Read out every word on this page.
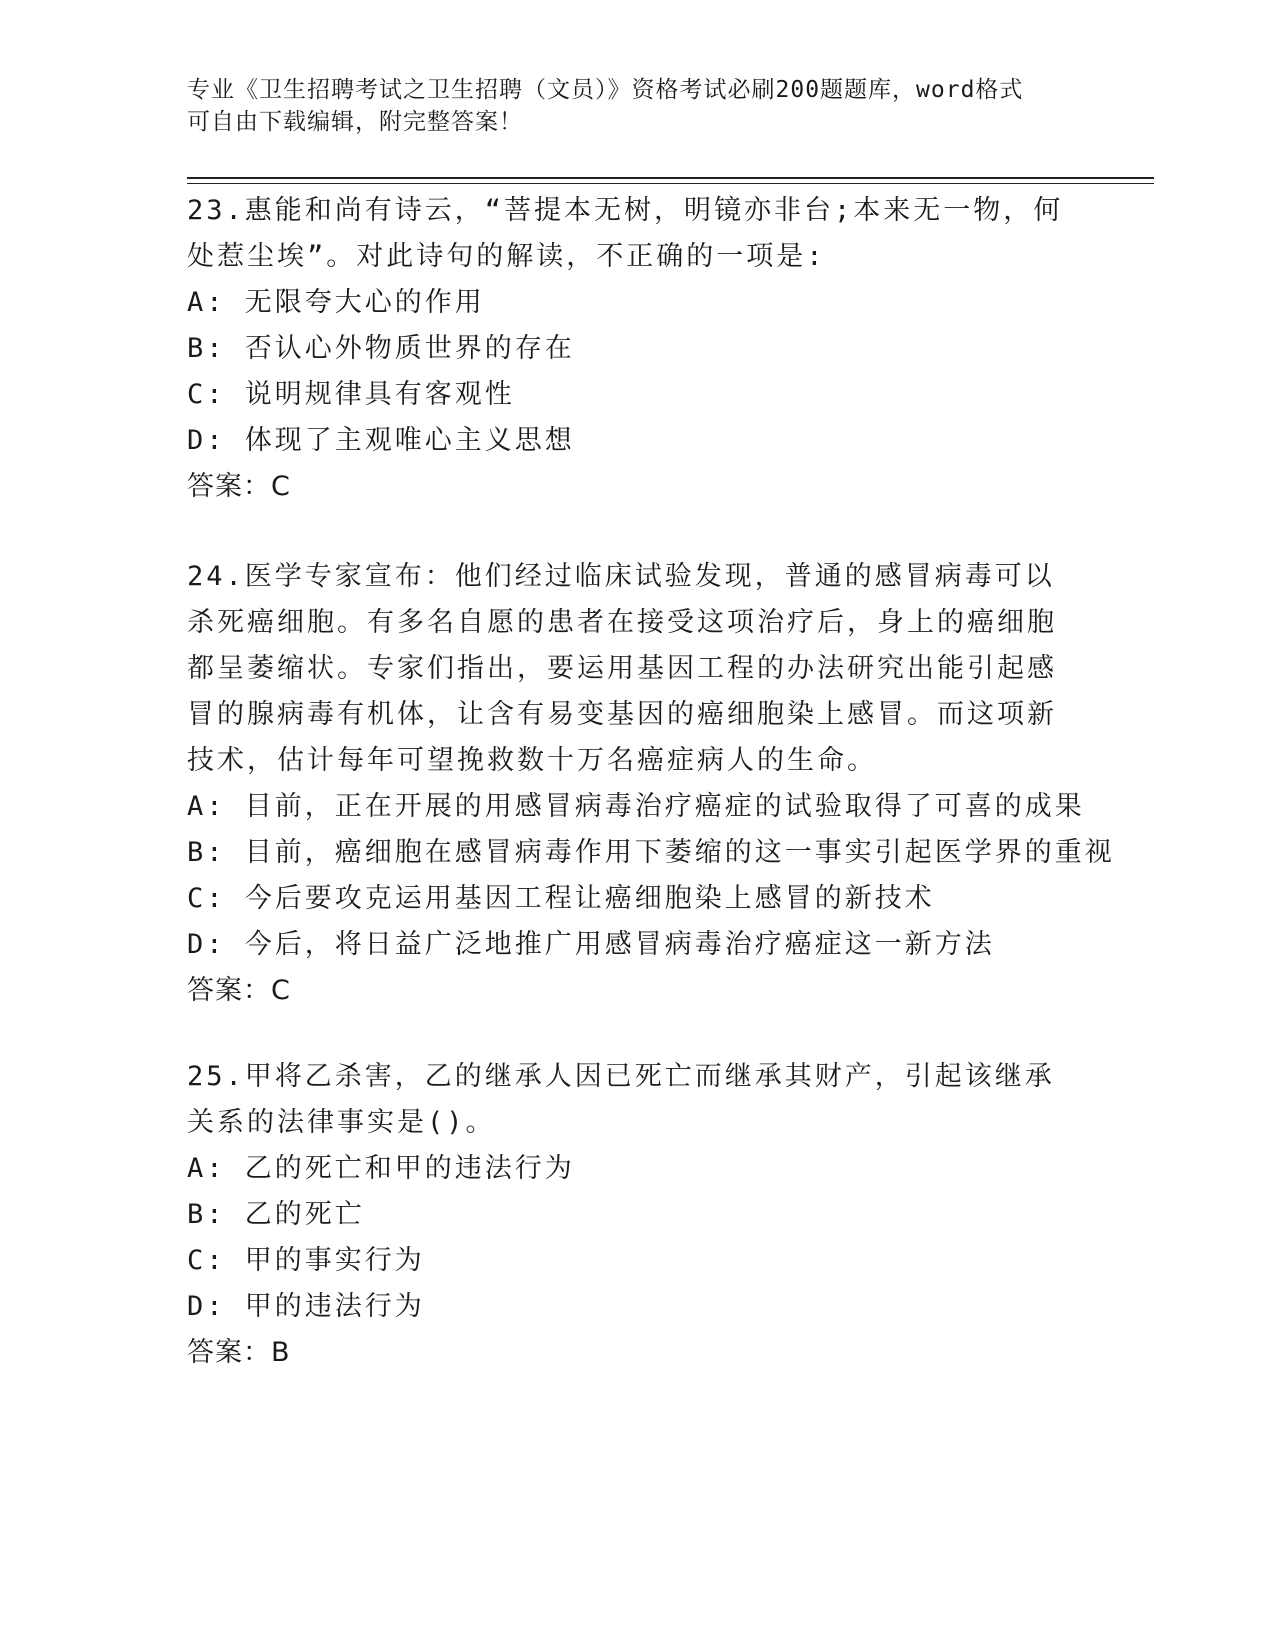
专业《卫生招聘考试之卫生招聘（文员）》资格考试必刷200题题库，word格式
可自由下载编辑，附完整答案！

23.惠能和尚有诗云，“菩提本无树，明镜亦非台;本来无一物，何处惹尘埃”。对此诗句的解读，不正确的一项是:

A: 无限夸大心的作用

B: 否认心外物质世界的存在

C: 说明规律具有客观性

D: 体现了主观唯心主义思想

答案：C

24.医学专家宣布：他们经过临床试验发现，普通的感冒病毒可以杀死癌细胞。有多名自愿的患者在接受这项治疗后，身上的癌细胞都呈萎缩状。专家们指出，要运用基因工程的办法研究出能引起感冒的腺病毒有机体，让含有易变基因的癌细胞染上感冒。而这项新技术，估计每年可望挽救数十万名癌症病人的生命。

A: 目前，正在开展的用感冒病毒治疗癌症的试验取得了可喜的成果

B: 目前，癌细胞在感冒病毒作用下萎缩的这一事实引起医学界的重视

C: 今后要攻克运用基因工程让癌细胞染上感冒的新技术

D: 今后，将日益广泛地推广用感冒病毒治疗癌症这一新方法

答案：C

25.甲将乙杀害，乙的继承人因已死亡而继承其财产，引起该继承关系的法律事实是()。

A: 乙的死亡和甲的违法行为

B: 乙的死亡

C: 甲的事实行为

D: 甲的违法行为

答案：B
